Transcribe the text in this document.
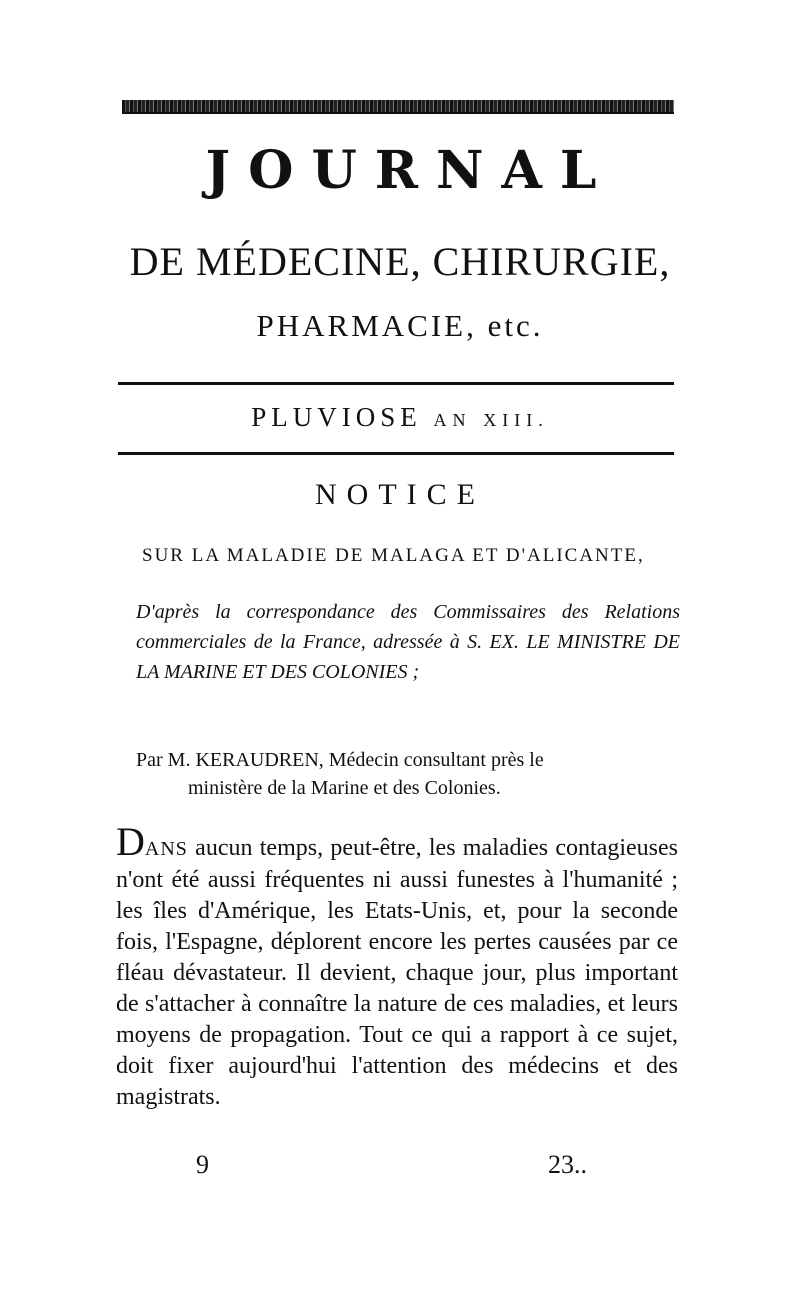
JOURNAL
DE MÉDECINE, CHIRURGIE,
PHARMACIE, etc.
PLUVIOSE AN XIII.
NOTICE
SUR LA MALADIE DE MALAGA ET D'ALICANTE,
D'après la correspondance des Commissaires des Relations commerciales de la France, adressée à S. EX. LE MINISTRE DE LA MARINE ET DES COLONIES ;
Par M. KERAUDREN, Médecin consultant près le
ministère de la Marine et des Colonies.
DANS aucun temps, peut-être, les maladies contagieuses n'ont été aussi fréquentes ni aussi funestes à l'humanité ; les îles d'Amérique, les Etats-Unis, et, pour la seconde fois, l'Espagne, déplorent encore les pertes causées par ce fléau dévastateur. Il devient, chaque jour, plus important de s'attacher à connaître la nature de ces maladies, et leurs moyens de propagation. Tout ce qui a rapport à ce sujet, doit fixer aujourd'hui l'attention des médecins et des magistrats.
9	23..
